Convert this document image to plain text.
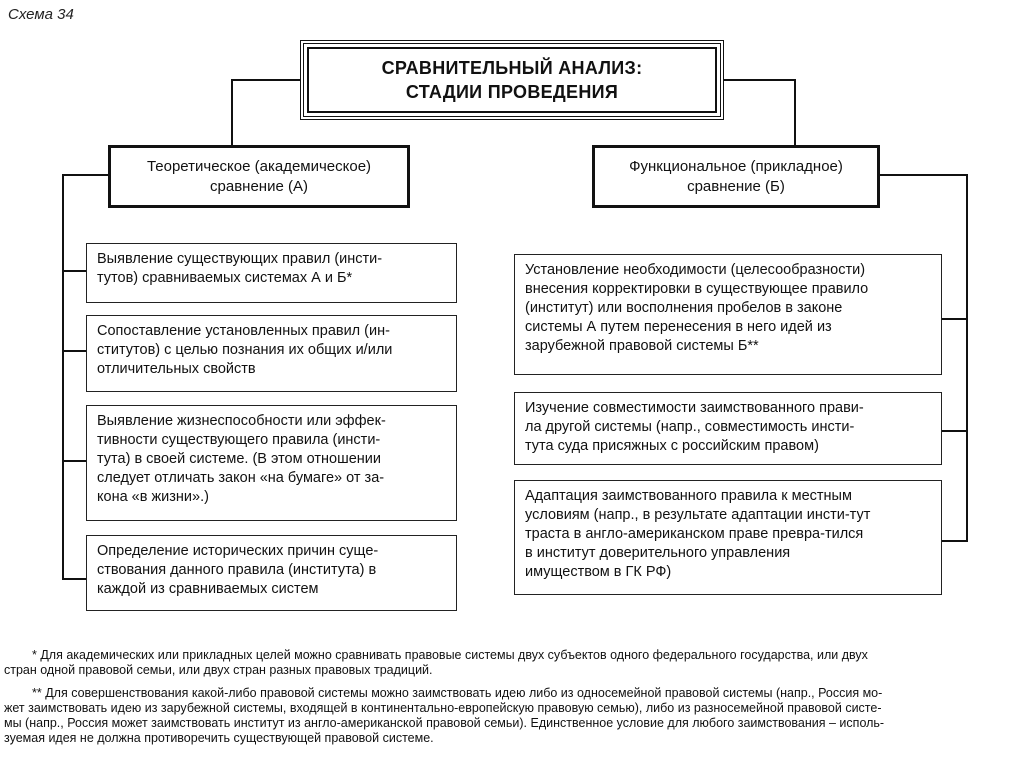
Схема 34
СРАВНИТЕЛЬНЫЙ АНАЛИЗ:
СТАДИИ ПРОВЕДЕНИЯ
Теоретическое (академическое)
сравнение (А)
Функциональное (прикладное)
сравнение (Б)
Выявление существующих правил (инсти-
тутов) сравниваемых системах А и Б*
Сопоставление установленных правил (ин-
ститутов) с целью познания их общих и/или
отличительных свойств
Выявление жизнеспособности или эффек-
тивности существующего правила (инсти-
тута) в своей системе. (В этом отношении
следует отличать закон «на бумаге» от за-
кона «в жизни».)
Определение исторических причин суще-
ствования данного правила (института) в
каждой из сравниваемых систем
Установление необходимости (целесообразности)
внесения корректировки в существующее правило
(институт) или восполнения пробелов в законе
системы А путем перенесения в него идей из
зарубежной правовой системы Б**
Изучение совместимости заимствованного прави-
ла другой системы (напр., совместимость инсти-
тута суда присяжных с российским правом)
Адаптация заимствованного правила к местным
условиям (напр., в результате адаптации инсти-тут
траста в англо-американском праве превра-тился
в институт доверительного управления
имуществом в ГК РФ)
* Для академических или прикладных целей можно сравнивать правовые системы двух субъектов одного федерального государства, или двух
стран одной правовой семьи, или двух стран разных правовых традиций.
** Для совершенствования какой-либо правовой системы можно заимствовать идею либо из односемейной правовой системы (напр., Россия мо-
жет заимствовать идею из зарубежной системы, входящей в континентально-европейскую правовую семью), либо из разносемейной правовой систе-
мы (напр., Россия может заимствовать институт из англо-американской правовой семьи). Единственное условие для любого заимствования – исполь-
зуемая идея не должна противоречить существующей правовой системе.
